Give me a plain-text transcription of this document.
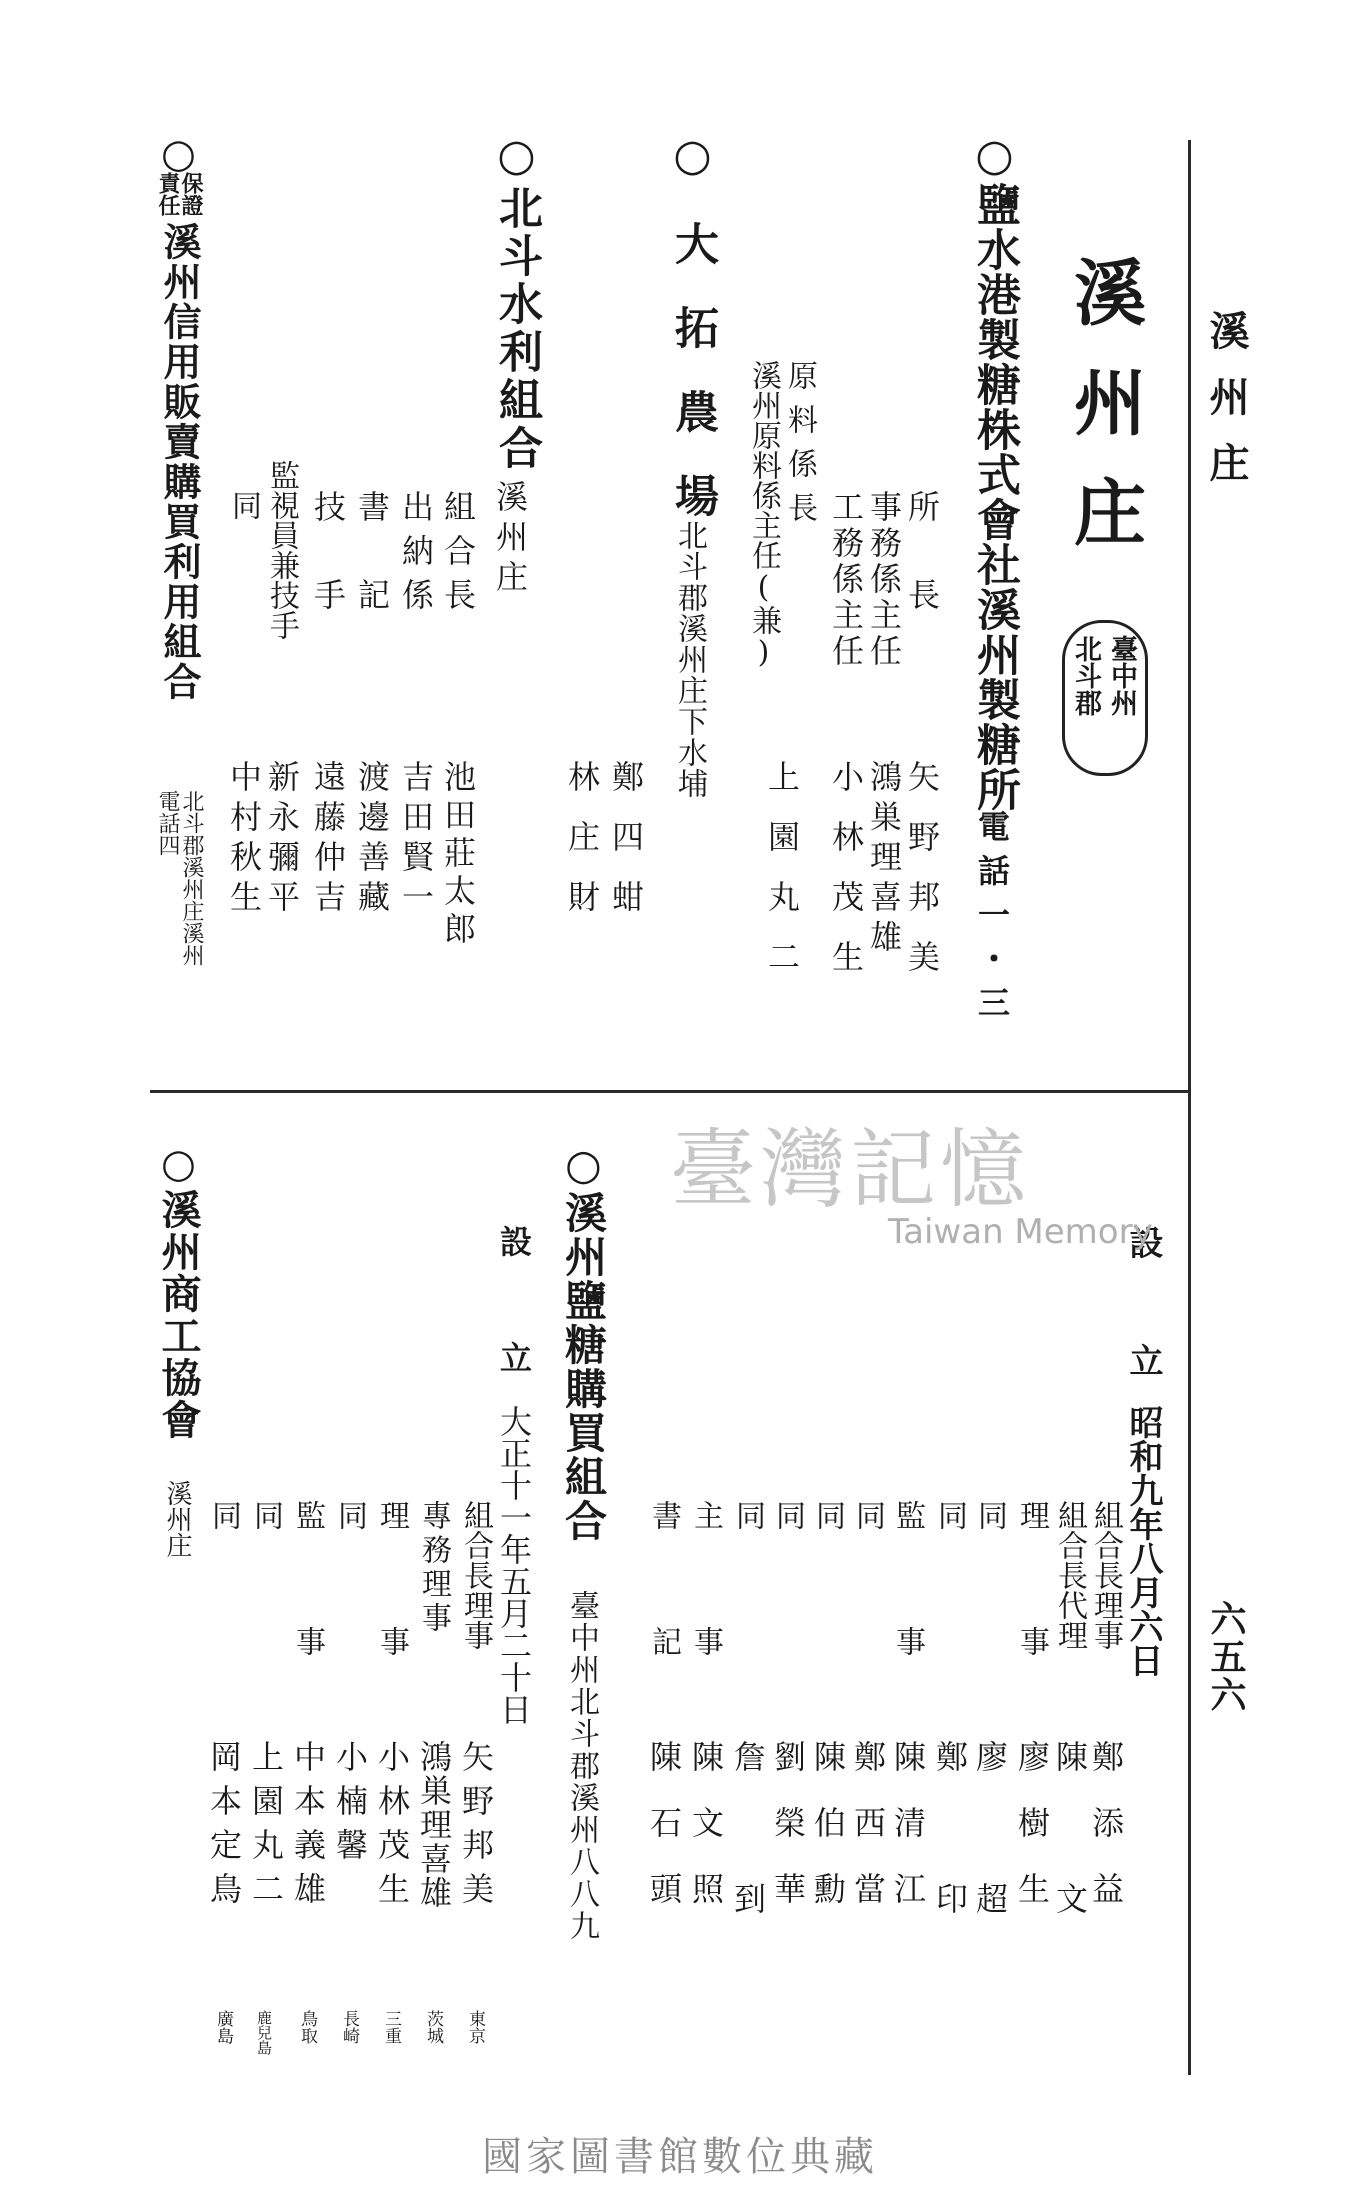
溪州庄
六五六
溪州庄
臺中州
北斗郡
○鹽水港製糖株式會社溪州製糖所
電話一・三
所長
事務係主任
工務係主任
原料係長
溪州原料係主任(兼)
矢野邦美
鴻巣理喜雄
小林茂生
上園丸二
○大拓農場
北斗郡溪州庄下水埔
鄭四蚶
林庄財
○北斗水利組合
溪州庄
組合長
出納係
書記
技手
監視員兼技手
同
池田莊太郎
吉田賢一
渡邊善藏
遠藤仲吉
新永彌平
中村秋生
○
保證
責任
溪州信用販賣購買利用組合
北斗郡溪州庄溪州
電話四
設立
昭和九年八月六日
組合長理事
組合長代理
理事
同
同
監事
同
同
同
同
主事
書記
鄭添益
陳文
廖樹生
廖超
鄭印
陳清江
鄭西當
陳伯勳
劉榮華
詹到
陳文照
陳石頭
○溪州鹽糖購買組合
臺中州北斗郡溪州八八九
設立
大正十一年五月二十日
組合長理事
專務理事
理事
同
監事
同
同
矢野邦美
鴻巣理喜雄
小林茂生
小楠馨
中本義雄
上園丸二
岡本定鳥
東京
茨城
三重
長崎
鳥取
鹿兒島
廣島
○溪州商工協會
溪州庄
臺灣記憶
Taiwan Memory
國家圖書館數位典藏
